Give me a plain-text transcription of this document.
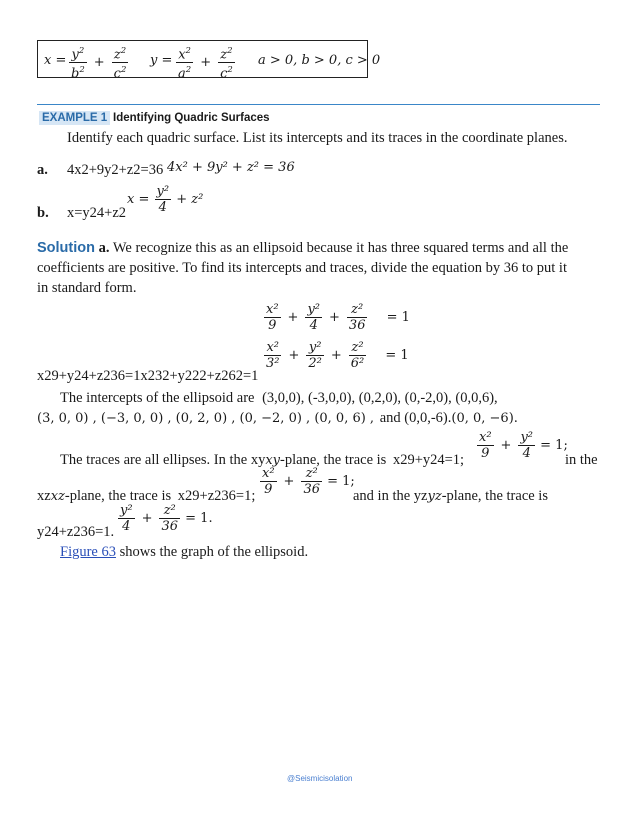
$x = \frac{y^2}{b^2} + \frac{z^2}{c^2}$ $y = \frac{x^2}{a^2} + \frac{z^2}{c^2}$ a > 0, b > 0, c > 0
EXAMPLE 1 Identifying Quadric Surfaces
Identify each quadric surface. List its intercepts and its traces in the coordinate planes.
a. 4x2+9y2+z2=36 4x² + 9y² + z² = 36
b. x=y24+z2
$x = \frac{\text{y²}}{4} + z^2$
Solution a. We recognize this as an ellipsoid because it has three squared terms and all the
coefficients are positive. To find its intercepts and traces, divide the equation by 36 to put it
in standard form.
$\frac{\text{x²}}{9} + \frac{\text{y²}}{4} + \frac{\text{z²}}{36} = 1$
$\frac{\text{x²}}{\text{3²}} + \frac{\text{y²}}{\text{2²}} + \frac{\text{z²}}{\text{6²}} = 1$
x29+y24+z236=1x232+y222+z262=1
The intercepts of the ellipsoid are (3,0,0), (-3,0,0), (0,2,0), (0,-2,0), (0,0,6),
(3, 0, 0) , (−3, 0, 0) , (0, 2, 0) , (0, −2, 0) , (0, 0, 6) , and (0,0,-6).(0, 0, −6).
The traces are all ellipses. In the xyxy-plane, the trace is x29+y24=1; $\frac{\text{x²}}{9} + \frac{\text{y²}}{4} = 1$;
in the
xzxz-plane, the trace is x29+z236=1; $\frac{\text{x²}}{9} + \frac{\text{z²}}{36} = 1$;
and in the yzyz-plane, the trace is
y24+z236=1. $\frac{\text{y²}}{4} + \frac{\text{z²}}{36} = 1$.
Figure 63 shows the graph of the ellipsoid.
@Seismicisolation
